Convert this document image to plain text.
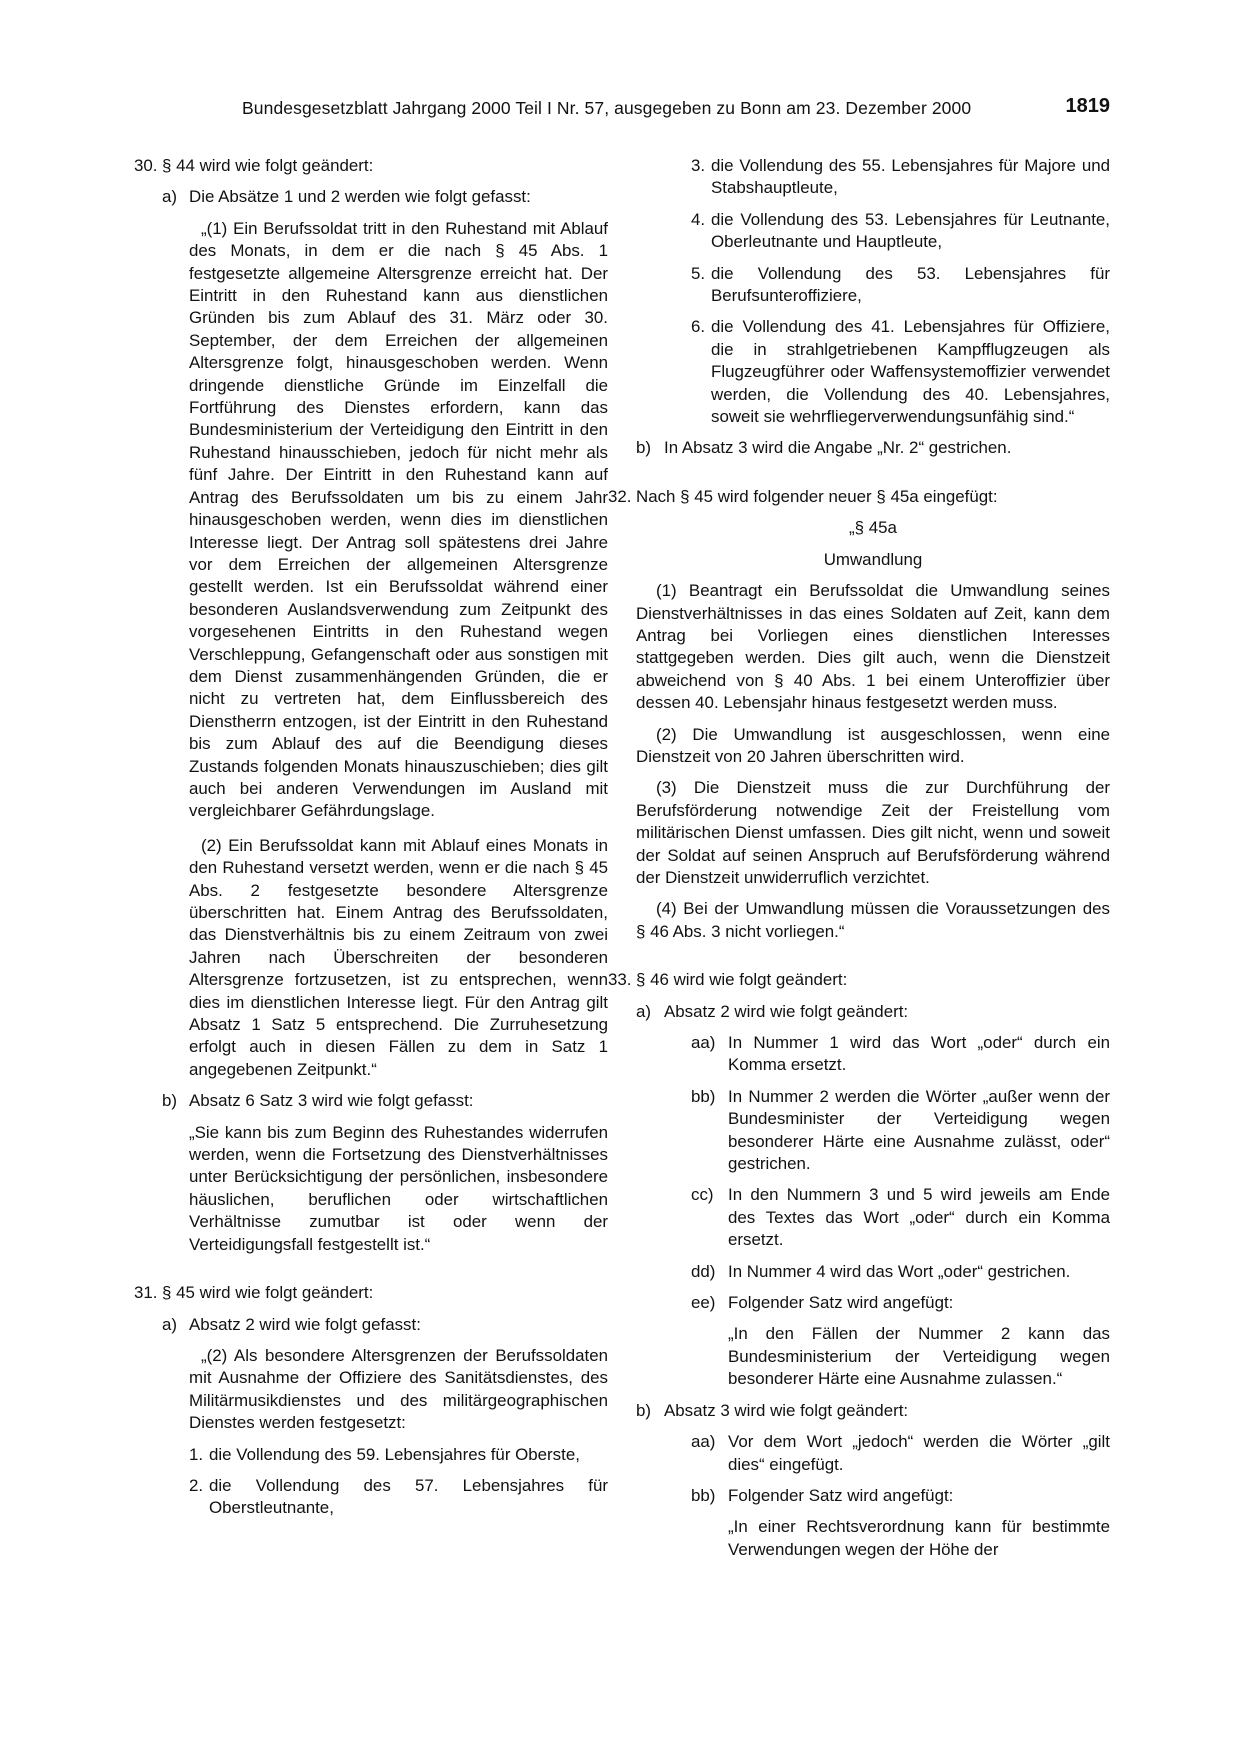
Bundesgesetzblatt Jahrgang 2000 Teil I Nr. 57, ausgegeben zu Bonn am 23. Dezember 2000	1819
30. § 44 wird wie folgt geändert:
a) Die Absätze 1 und 2 werden wie folgt gefasst:
„(1) Ein Berufssoldat tritt in den Ruhestand mit Ablauf des Monats, in dem er die nach § 45 Abs. 1 festgesetzte allgemeine Altersgrenze erreicht hat. Der Eintritt in den Ruhestand kann aus dienstlichen Gründen bis zum Ablauf des 31. März oder 30. September, der dem Erreichen der allgemeinen Altersgrenze folgt, hinausgeschoben werden. Wenn dringende dienstliche Gründe im Einzelfall die Fortführung des Dienstes erfordern, kann das Bundesministerium der Verteidigung den Eintritt in den Ruhestand hinausschieben, jedoch für nicht mehr als fünf Jahre. Der Eintritt in den Ruhestand kann auf Antrag des Berufssoldaten um bis zu einem Jahr hinausgeschoben werden, wenn dies im dienstlichen Interesse liegt. Der Antrag soll spätestens drei Jahre vor dem Erreichen der allgemeinen Altersgrenze gestellt werden. Ist ein Berufssoldat während einer besonderen Auslandsverwendung zum Zeitpunkt des vorgesehenen Eintritts in den Ruhestand wegen Verschleppung, Gefangenschaft oder aus sonstigen mit dem Dienst zusammenhängenden Gründen, die er nicht zu vertreten hat, dem Einflussbereich des Dienstherrn entzogen, ist der Eintritt in den Ruhestand bis zum Ablauf des auf die Beendigung dieses Zustands folgenden Monats hinauszuschieben; dies gilt auch bei anderen Verwendungen im Ausland mit vergleichbarer Gefährdungslage.
(2) Ein Berufssoldat kann mit Ablauf eines Monats in den Ruhestand versetzt werden, wenn er die nach § 45 Abs. 2 festgesetzte besondere Altersgrenze überschritten hat. Einem Antrag des Berufssoldaten, das Dienstverhältnis bis zu einem Zeitraum von zwei Jahren nach Überschreiten der besonderen Altersgrenze fortzusetzen, ist zu entsprechen, wenn dies im dienstlichen Interesse liegt. Für den Antrag gilt Absatz 1 Satz 5 entsprechend. Die Zurruhesetzung erfolgt auch in diesen Fällen zu dem in Satz 1 angegebenen Zeitpunkt.“
b) Absatz 6 Satz 3 wird wie folgt gefasst:
„Sie kann bis zum Beginn des Ruhestandes widerrufen werden, wenn die Fortsetzung des Dienstverhältnisses unter Berücksichtigung der persönlichen, insbesondere häuslichen, beruflichen oder wirtschaftlichen Verhältnisse zumutbar ist oder wenn der Verteidigungsfall festgestellt ist.“
31. § 45 wird wie folgt geändert:
a) Absatz 2 wird wie folgt gefasst:
„(2) Als besondere Altersgrenzen der Berufssoldaten mit Ausnahme der Offiziere des Sanitätsdienstes, des Militärmusikdienstes und des militärgeographischen Dienstes werden festgesetzt:
1. die Vollendung des 59. Lebensjahres für Oberste,
2. die Vollendung des 57. Lebensjahres für Oberstleutnante,
3. die Vollendung des 55. Lebensjahres für Majore und Stabshauptleute,
4. die Vollendung des 53. Lebensjahres für Leutnante, Oberleutnante und Hauptleute,
5. die Vollendung des 53. Lebensjahres für Berufsunteroffiziere,
6. die Vollendung des 41. Lebensjahres für Offiziere, die in strahlgetriebenen Kampfflugzeugen als Flugzeugführer oder Waffensystemoffizier verwendet werden, die Vollendung des 40. Lebensjahres, soweit sie wehrfliegerverwendungsunfähig sind.“
b) In Absatz 3 wird die Angabe „Nr. 2“ gestrichen.
32. Nach § 45 wird folgender neuer § 45a eingefügt:
„§ 45a
Umwandlung
(1) Beantragt ein Berufssoldat die Umwandlung seines Dienstverhältnisses in das eines Soldaten auf Zeit, kann dem Antrag bei Vorliegen eines dienstlichen Interesses stattgegeben werden. Dies gilt auch, wenn die Dienstzeit abweichend von § 40 Abs. 1 bei einem Unteroffizier über dessen 40. Lebensjahr hinaus festgesetzt werden muss.
(2) Die Umwandlung ist ausgeschlossen, wenn eine Dienstzeit von 20 Jahren überschritten wird.
(3) Die Dienstzeit muss die zur Durchführung der Berufsförderung notwendige Zeit der Freistellung vom militärischen Dienst umfassen. Dies gilt nicht, wenn und soweit der Soldat auf seinen Anspruch auf Berufsförderung während der Dienstzeit unwiderruflich verzichtet.
(4) Bei der Umwandlung müssen die Voraussetzungen des § 46 Abs. 3 nicht vorliegen.“
33. § 46 wird wie folgt geändert:
a) Absatz 2 wird wie folgt geändert:
aa) In Nummer 1 wird das Wort „oder“ durch ein Komma ersetzt.
bb) In Nummer 2 werden die Wörter „außer wenn der Bundesminister der Verteidigung wegen besonderer Härte eine Ausnahme zulässt, oder“ gestrichen.
cc) In den Nummern 3 und 5 wird jeweils am Ende des Textes das Wort „oder“ durch ein Komma ersetzt.
dd) In Nummer 4 wird das Wort „oder“ gestrichen.
ee) Folgender Satz wird angefügt:
„In den Fällen der Nummer 2 kann das Bundesministerium der Verteidigung wegen besonderer Härte eine Ausnahme zulassen.“
b) Absatz 3 wird wie folgt geändert:
aa) Vor dem Wort „jedoch“ werden die Wörter „gilt dies“ eingefügt.
bb) Folgender Satz wird angefügt:
„In einer Rechtsverordnung kann für bestimmte Verwendungen wegen der Höhe der
